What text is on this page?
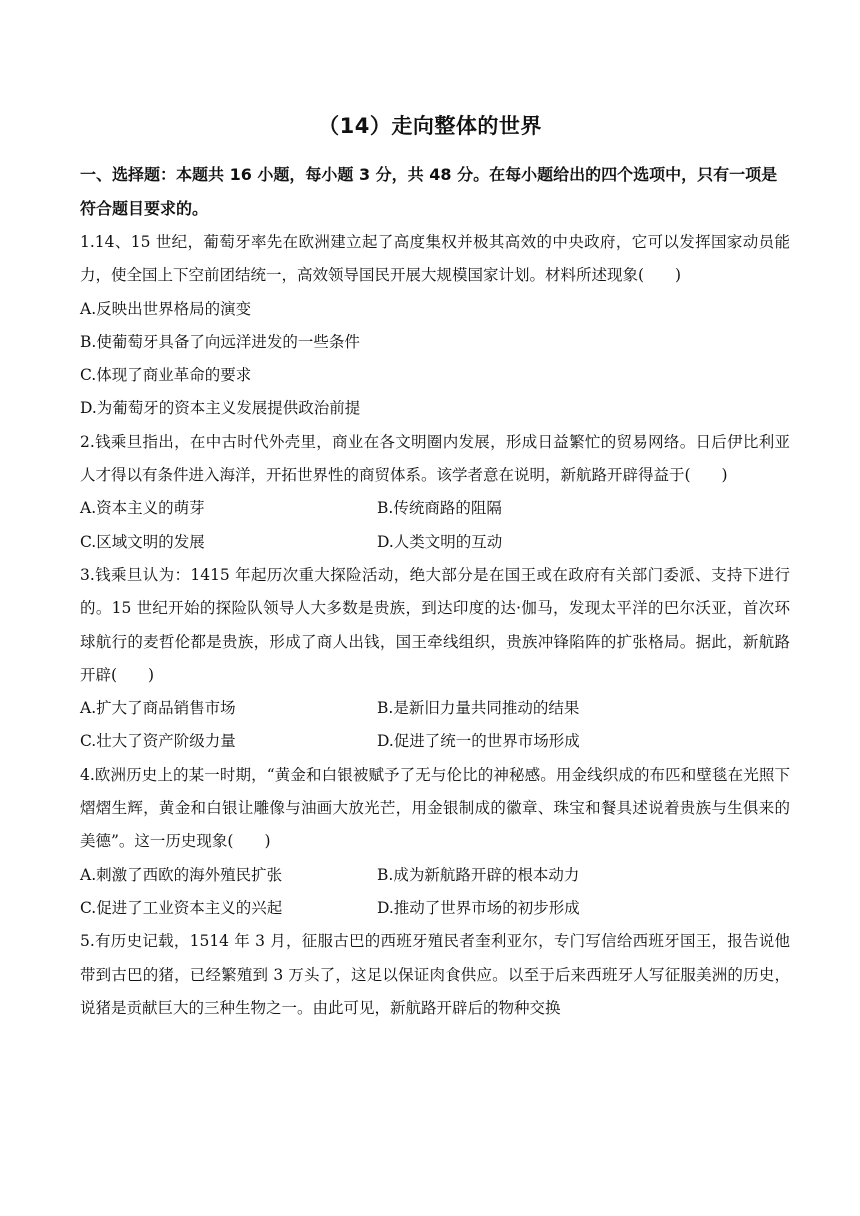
（14）走向整体的世界
一、选择题：本题共 16 小题，每小题 3 分，共 48 分。在每小题给出的四个选项中，只有一项是符合题目要求的。
1.14、15 世纪，葡萄牙率先在欧洲建立起了高度集权并极其高效的中央政府，它可以发挥国家动员能力，使全国上下空前团结统一，高效领导国民开展大规模国家计划。材料所述现象(　　)
A.反映出世界格局的演变
B.使葡萄牙具备了向远洋进发的一些条件
C.体现了商业革命的要求
D.为葡萄牙的资本主义发展提供政治前提
2.钱乘旦指出，在中古时代外壳里，商业在各文明圈内发展，形成日益繁忙的贸易网络。日后伊比利亚人才得以有条件进入海洋，开拓世界性的商贸体系。该学者意在说明，新航路开辟得益于(　　)
A.资本主义的萌芽	B.传统商路的阻隔
C.区域文明的发展	D.人类文明的互动
3.钱乘旦认为：1415 年起历次重大探险活动，绝大部分是在国王或在政府有关部门委派、支持下进行的。15 世纪开始的探险队领导人大多数是贵族，到达印度的达·伽马，发现太平洋的巴尔沃亚，首次环球航行的麦哲伦都是贵族，形成了商人出钱，国王牵线组织，贵族冲锋陷阵的扩张格局。据此，新航路开辟(　　)
A.扩大了商品销售市场	B.是新旧力量共同推动的结果
C.壮大了资产阶级力量	D.促进了统一的世界市场形成
4.欧洲历史上的某一时期，“黄金和白银被赋予了无与伦比的神秘感。用金线织成的布匹和壁毯在光照下熠熠生辉，黄金和白银让雕像与油画大放光芒，用金银制成的徽章、珠宝和餐具述说着贵族与生俱来的美德”。这一历史现象(　　)
A.刺激了西欧的海外殖民扩张	B.成为新航路开辟的根本动力
C.促进了工业资本主义的兴起	D.推动了世界市场的初步形成
5.有历史记载，1514 年 3 月，征服古巴的西班牙殖民者奎利亚尔，专门写信给西班牙国王，报告说他带到古巴的猪，已经繁殖到 3 万头了，这足以保证肉食供应。以至于后来西班牙人写征服美洲的历史，说猪是贡献巨大的三种生物之一。由此可见，新航路开辟后的物种交换
